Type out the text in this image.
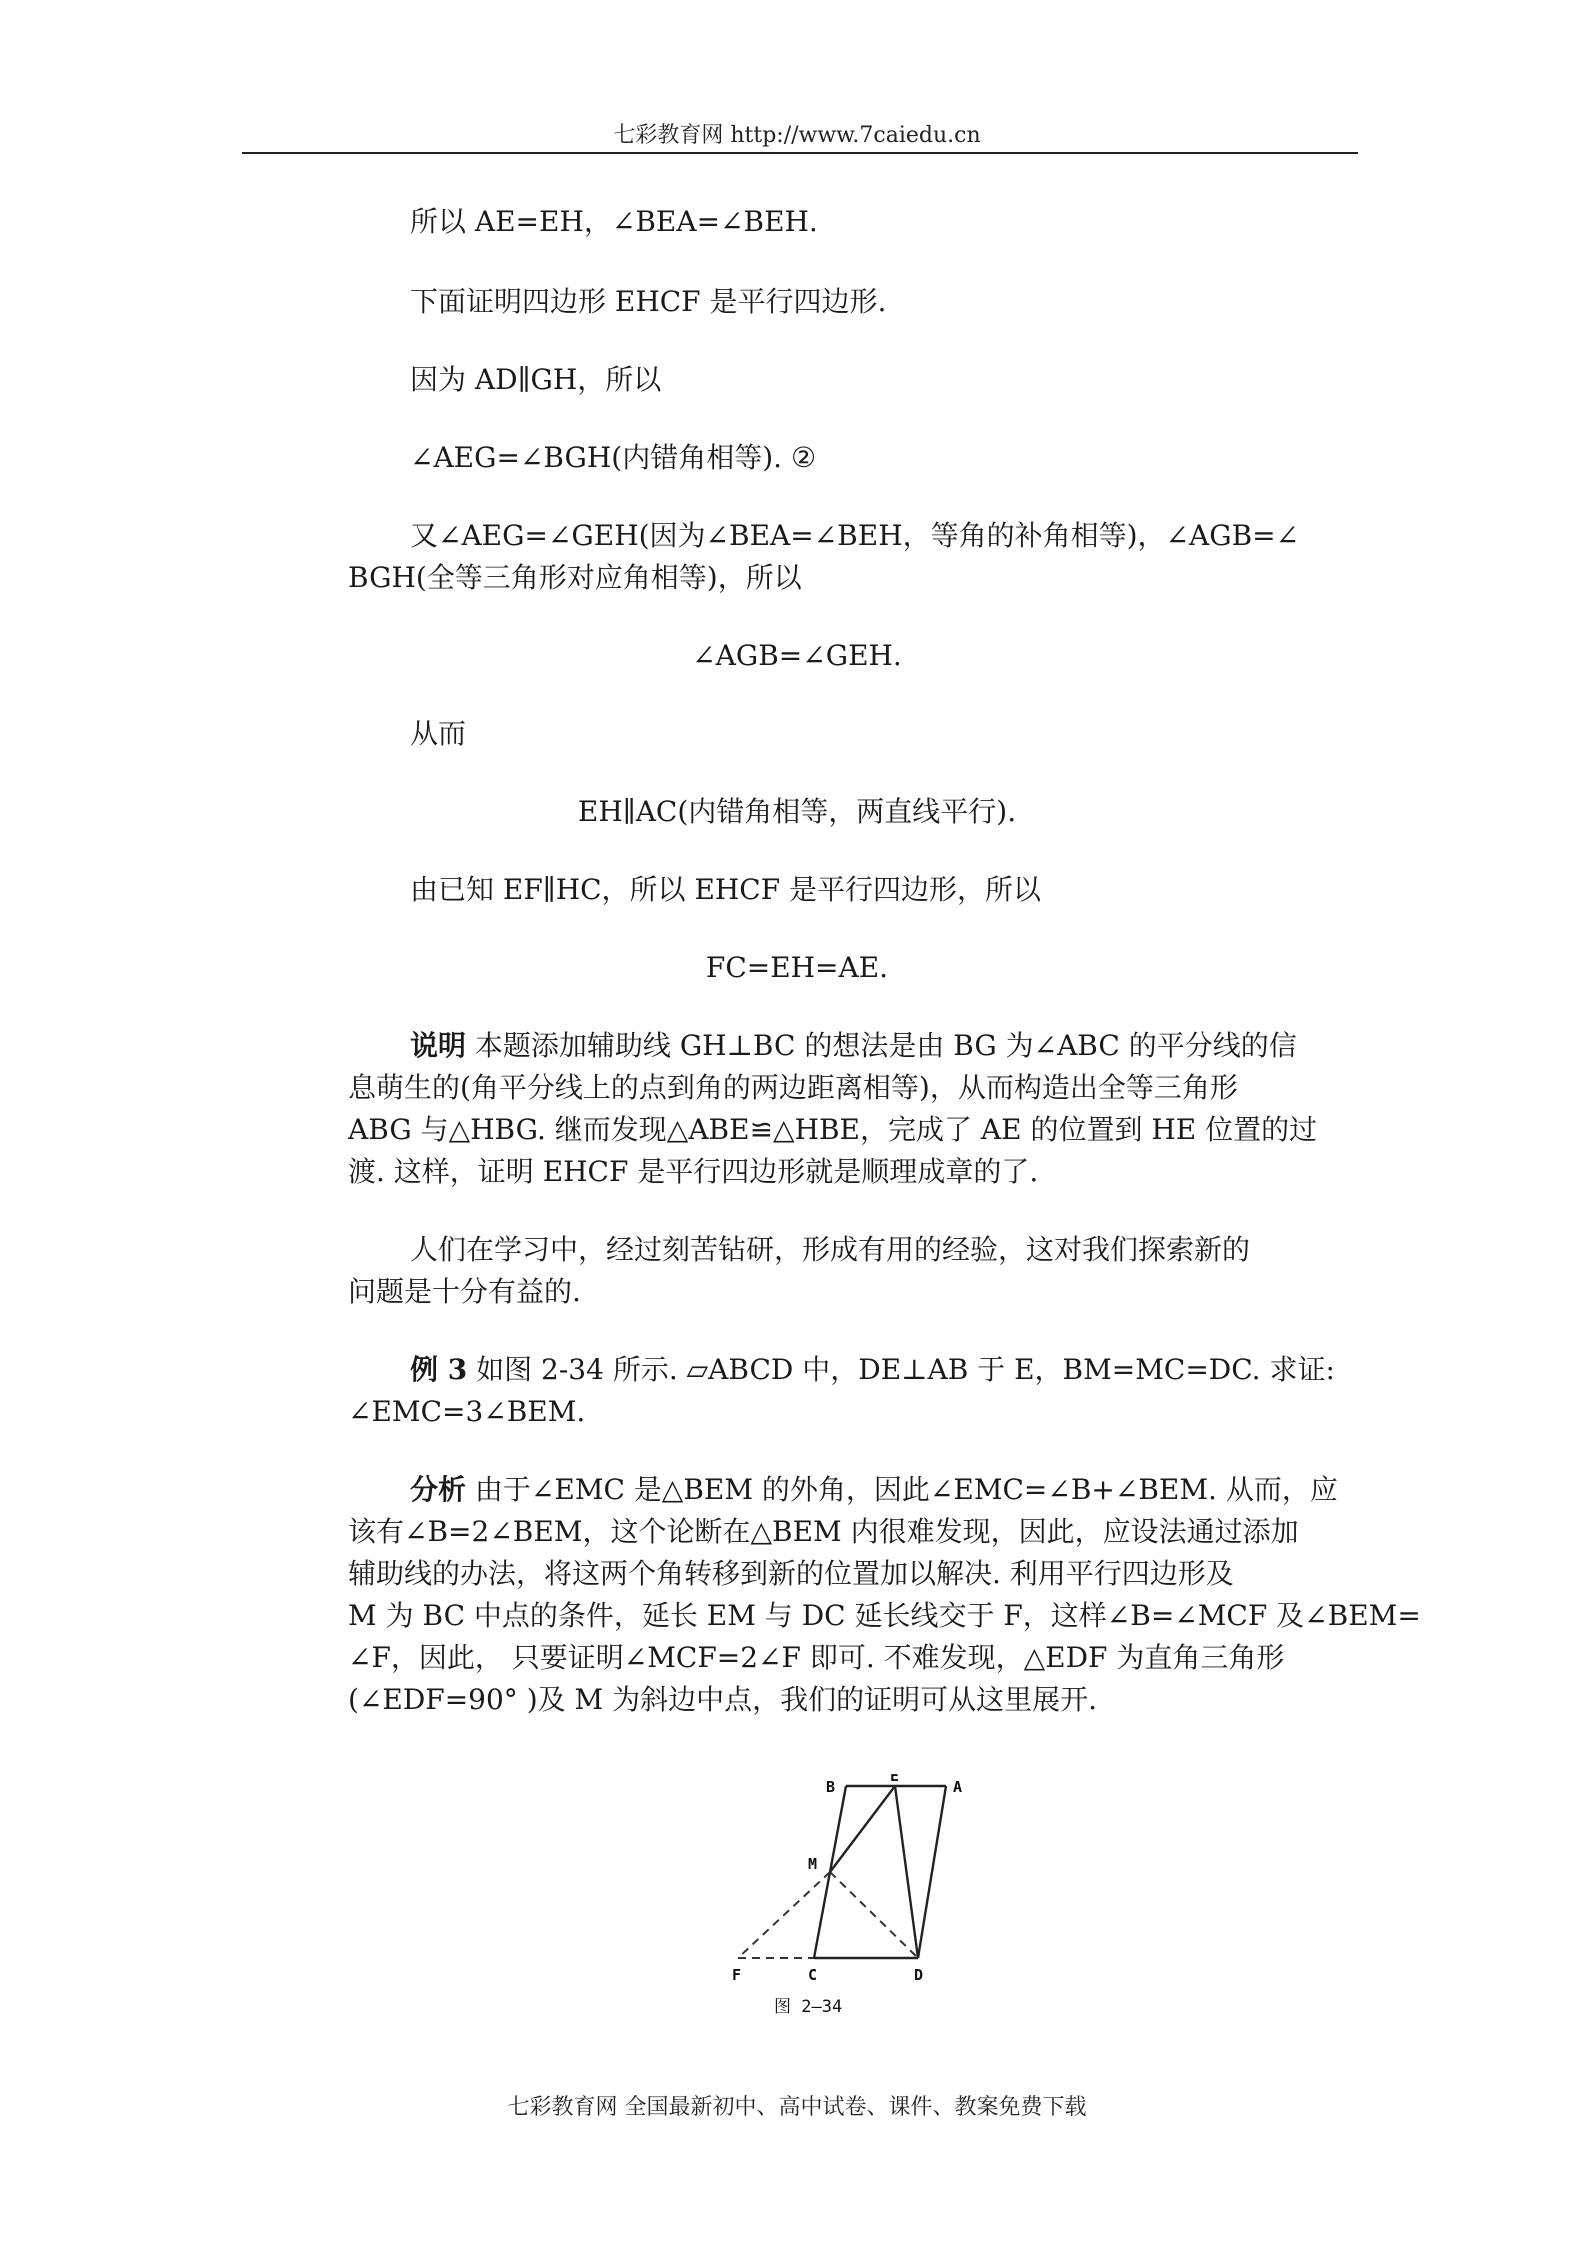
七彩教育网 http://www.7caiedu.cn
所以 AE=EH，∠BEA=∠BEH.
下面证明四边形 EHCF 是平行四边形.
因为 AD∥GH，所以
∠AEG=∠BGH(内错角相等). ②
又∠AEG=∠GEH(因为∠BEA=∠BEH，等角的补角相等)，∠AGB=∠
BGH(全等三角形对应角相等)，所以
∠AGB=∠GEH.
从而
EH∥AC(内错角相等，两直线平行).
由已知 EF∥HC，所以 EHCF 是平行四边形，所以
FC=EH=AE.
说明 本题添加辅助线 GH⊥BC 的想法是由 BG 为∠ABC 的平分线的信
息萌生的(角平分线上的点到角的两边距离相等)，从而构造出全等三角形
ABG 与△HBG. 继而发现△ABE≌△HBE，完成了 AE 的位置到 HE 位置的过
渡. 这样，证明 EHCF 是平行四边形就是顺理成章的了.
人们在学习中，经过刻苦钻研，形成有用的经验，这对我们探索新的
问题是十分有益的.
例 3 如图 2-34 所示. ▱ABCD 中，DE⊥AB 于 E，BM=MC=DC. 求证:
∠EMC=3∠BEM.
分析 由于∠EMC 是△BEM 的外角，因此∠EMC=∠B+∠BEM. 从而，应
该有∠B=2∠BEM，这个论断在△BEM 内很难发现，因此，应设法通过添加
辅助线的办法，将这两个角转移到新的位置加以解决. 利用平行四边形及
M 为 BC 中点的条件，延长 EM 与 DC 延长线交于 F，这样∠B=∠MCF 及∠BEM=
∠F，因此， 只要证明∠MCF=2∠F 即可. 不难发现，△EDF 为直角三角形
(∠EDF=90° )及 M 为斜边中点，我们的证明可从这里展开.
B
E
A
M
F	C	D
图 2—34
七彩教育网 全国最新初中、高中试卷、课件、教案免费下载
